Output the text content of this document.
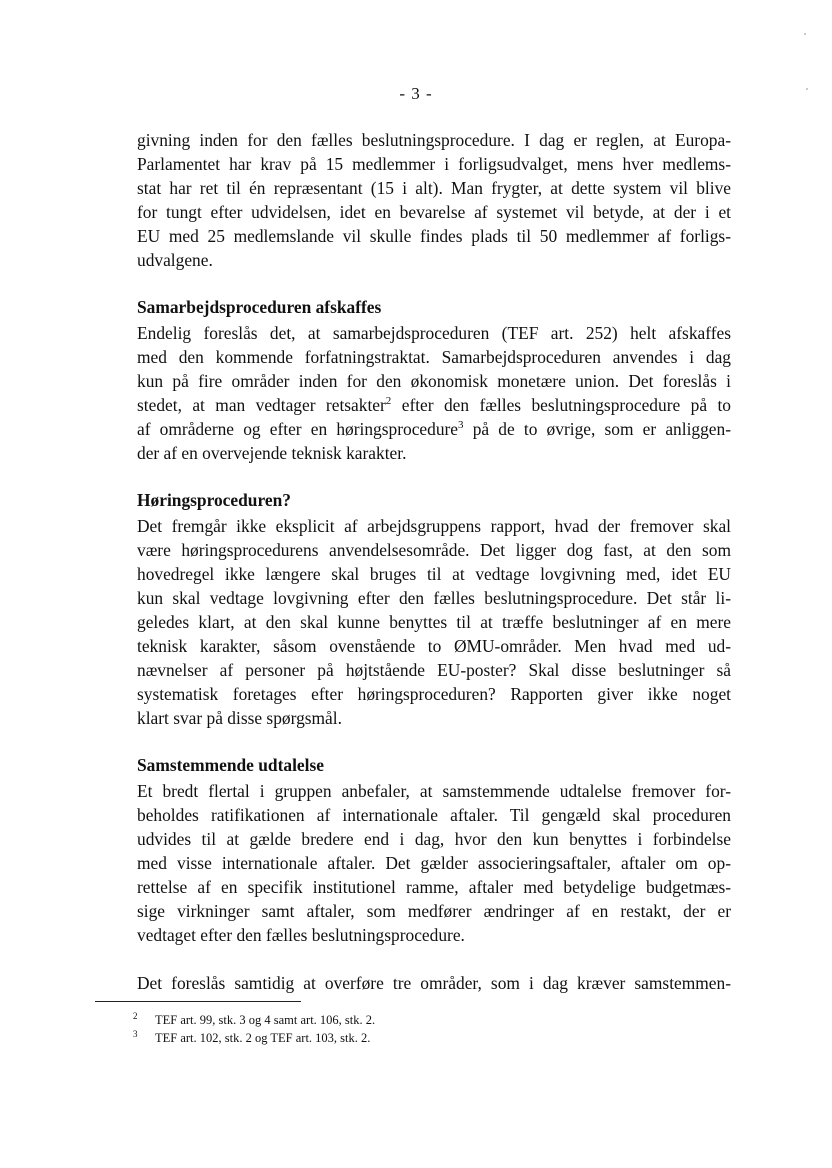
- 3 -

givning inden for den fælles beslutningsprocedure. I dag er reglen, at Europa-
Parlamentet har krav på 15 medlemmer i forligsudvalget, mens hver medlems-
stat har ret til én repræsentant (15 i alt). Man frygter, at dette system vil blive
for tungt efter udvidelsen, idet en bevarelse af systemet vil betyde, at der i et
EU med 25 medlemslande vil skulle findes plads til 50 medlemmer af forligs-
udvalgene.

Samarbejdsproceduren afskaffes

Endelig foreslås det, at samarbejdsproceduren (TEF art. 252) helt afskaffes
med den kommende forfatningstraktat. Samarbejdsproceduren anvendes i dag
kun på fire områder inden for den økonomisk monetære union. Det foreslås i
stedet, at man vedtager retsakter$^2$ efter den fælles beslutningsprocedure på to
af områderne og efter en høringsprocedure$^3$ på de to øvrige, som er anliggen-
der af en overvejende teknisk karakter.

Høringsproceduren?

Det fremgår ikke eksplicit af arbejdsgruppens rapport, hvad der fremover skal
være høringsprocedurens anvendelsesområde. Det ligger dog fast, at den som
hovedregel ikke længere skal bruges til at vedtage lovgivning med, idet EU
kun skal vedtage lovgivning efter den fælles beslutningsprocedure. Det står li-
geledes klart, at den skal kunne benyttes til at træffe beslutninger af en mere
teknisk karakter, såsom ovenstående to ØMU-områder. Men hvad med ud-
nævnelser af personer på højtstående EU-poster? Skal disse beslutninger så
systematisk foretages efter høringsproceduren? Rapporten giver ikke noget
klart svar på disse spørgsmål.

Samstemmende udtalelse

Et bredt flertal i gruppen anbefaler, at samstemmende udtalelse fremover for-
beholdes ratifikationen af internationale aftaler. Til gengæld skal proceduren
udvides til at gælde bredere end i dag, hvor den kun benyttes i forbindelse
med visse internationale aftaler. Det gælder associeringsaftaler, aftaler om op-
rettelse af en specifik institutionel ramme, aftaler med betydelige budgetmæs-
sige virkninger samt aftaler, som medfører ændringer af en restakt, der er
vedtaget efter den fælles beslutningsprocedure.

Det foreslås samtidig at overføre tre områder, som i dag kræver samstemmen-

2	TEF art. 99, stk. 3 og 4 samt art. 106, stk. 2.
3	TEF art. 102, stk. 2 og TEF art. 103, stk. 2.
